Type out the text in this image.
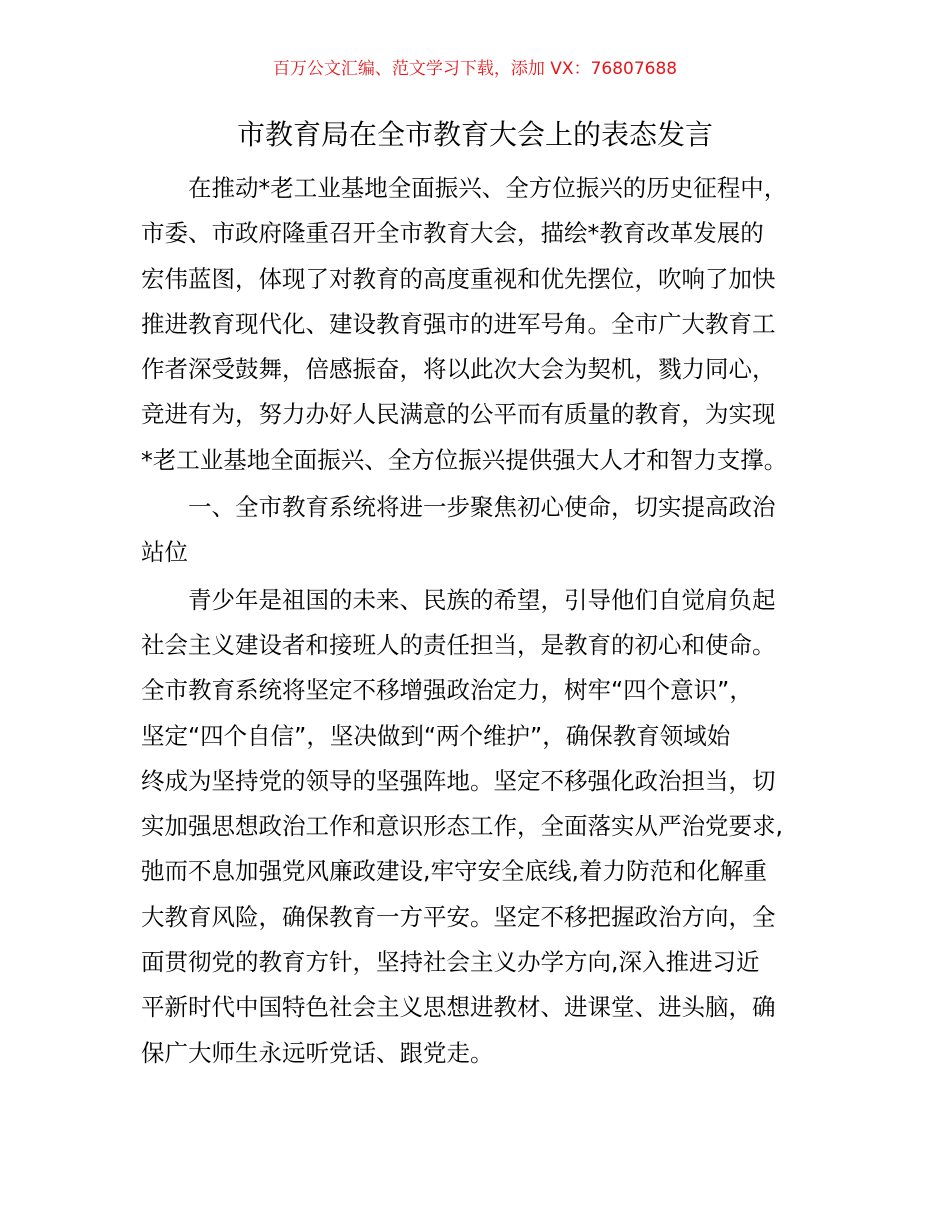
百万公文汇编、范文学习下载，添加 VX：76807688
市教育局在全市教育大会上的表态发言

在推动*老工业基地全面振兴、全方位振兴的历史征程中，
市委、市政府隆重召开全市教育大会，描绘*教育改革发展的
宏伟蓝图，体现了对教育的高度重视和优先摆位，吹响了加快
推进教育现代化、建设教育强市的进军号角。全市广大教育工
作者深受鼓舞，倍感振奋，将以此次大会为契机，戮力同心，
竞进有为，努力办好人民满意的公平而有质量的教育，为实现
*老工业基地全面振兴、全方位振兴提供强大人才和智力支撑。

一、全市教育系统将进一步聚焦初心使命，切实提高政治
站位

青少年是祖国的未来、民族的希望，引导他们自觉肩负起
社会主义建设者和接班人的责任担当，是教育的初心和使命。
全市教育系统将坚定不移增强政治定力，树牢“四个意识”，
坚定“四个自信”，坚决做到“两个维护”，确保教育领域始
终成为坚持党的领导的坚强阵地。坚定不移强化政治担当，切
实加强思想政治工作和意识形态工作，全面落实从严治党要求,
弛而不息加强党风廉政建设,牢守安全底线,着力防范和化解重
大教育风险，确保教育一方平安。坚定不移把握政治方向，全
面贯彻党的教育方针，坚持社会主义办学方向,深入推进习近
平新时代中国特色社会主义思想进教材、进课堂、进头脑，确
保广大师生永远听党话、跟党走。
